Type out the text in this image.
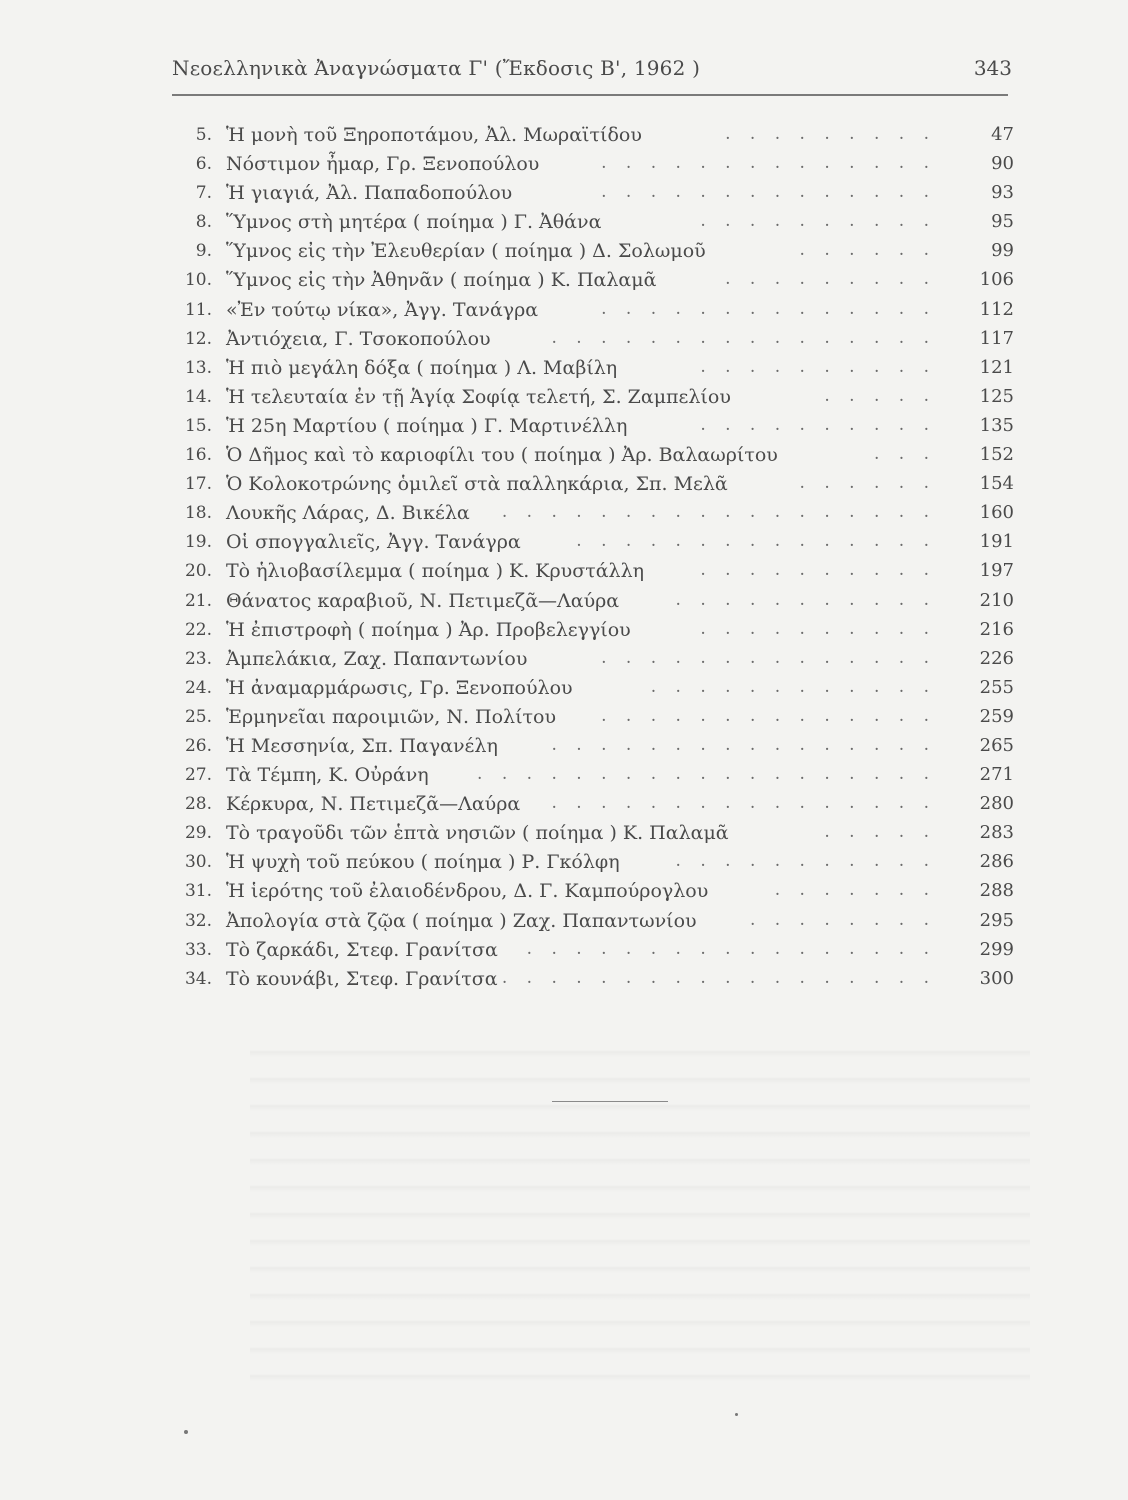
Νεοελληνικὰ Ἀναγνώσματα Γ' (Ἔκδοσις Β', 1962 )	343
5. Ἡ μονὴ τοῦ Ξηροποτάμου, Ἀλ. Μωραϊτίδου	. . . . . . . . .	47
6. Νόστιμον ἦμαρ, Γρ. Ξενοπούλου	. . . . . . . . . . . . . .	90
7. Ἡ γιαγιά, Ἀλ. Παπαδοπούλου	. . . . . . . . . . . . . .	93
8. Ὕμνος στὴ μητέρα ( ποίημα ) Γ. Ἀθάνα	. . . . . . . . . .	95
9. Ὕμνος εἰς τὴν Ἐλευθερίαν ( ποίημα ) Δ. Σολωμοῦ	. . . . . .	99
10. Ὕμνος εἰς τὴν Ἀθηνᾶν ( ποίημα ) Κ. Παλαμᾶ	. . . . . . . . .	106
11. «Ἐν τούτῳ νίκα», Ἀγγ. Τανάγρα	. . . . . . . . . . . . . .	112
12. Ἀντιόχεια, Γ. Τσοκοπούλου	. . . . . . . . . . . . . . . .	117
13. Ἡ πιὸ μεγάλη δόξα ( ποίημα ) Λ. Μαβίλη	. . . . . . . . . .	121
14. Ἡ τελευταία ἐν τῇ Ἁγίᾳ Σοφίᾳ τελετή, Σ. Ζαμπελίου	. . . . .	125
15. Ἡ 25η Μαρτίου ( ποίημα ) Γ. Μαρτινέλλη	. . . . . . . . . .	135
16. Ὁ Δῆμος καὶ τὸ καριοφίλι του ( ποίημα ) Ἀρ. Βαλαωρίτου	. . .	152
17. Ὁ Κολοκοτρώνης ὁμιλεῖ στὰ παλληκάρια, Σπ. Μελᾶ	. . . . . .	154
18. Λουκῆς Λάρας, Δ. Βικέλα . . . . . . . . . . . . . . . . . .	160
19. Οἱ σπογγαλιεῖς, Ἀγγ. Τανάγρα	. . . . . . . . . . . . . . .	191
20. Τὸ ἡλιοβασίλεμμα ( ποίημα ) Κ. Κρυστάλλη	. . . . . . . . . .	197
21. Θάνατος καραβιοῦ, Ν. Πετιμεζᾶ—Λαύρα	. . . . . . . . . . .	210
22. Ἡ ἐπιστροφὴ ( ποίημα ) Ἀρ. Προβελεγγίου	. . . . . . . . . .	216
23. Ἀμπελάκια, Ζαχ. Παπαντωνίου	. . . . . . . . . . . . . .	226
24. Ἡ ἀναμαρμάρωσις, Γρ. Ξενοπούλου	. . . . . . . . . . . .	255
25. Ἑρμηνεῖαι παροιμιῶν, Ν. Πολίτου	. . . . . . . . . . . . . .	259
26. Ἡ Μεσσηνία, Σπ. Παγανέλη	. . . . . . . . . . . . . . . .	265
27. Τὰ Τέμπη, Κ. Οὐράνη	. . . . . . . . . . . . . . . . . . .	271
28. Κέρκυρα, Ν. Πετιμεζᾶ—Λαύρα . . . . . . . . . . . . . . . .	280
29. Τὸ τραγοῦδι τῶν ἑπτὰ νησιῶν ( ποίημα ) Κ. Παλαμᾶ	. . . . .	283
30. Ἡ ψυχὴ τοῦ πεύκου ( ποίημα ) Ρ. Γκόλφη	. . . . . . . . . . .	286
31. Ἡ ἱερότης τοῦ ἐλαιοδένδρου, Δ. Γ. Καμπούρογλου	. . . . . . .	288
32. Ἀπολογία στὰ ζῷα ( ποίημα ) Ζαχ. Παπαντωνίου	. . . . . . . .	295
33. Τὸ ζαρκάδι, Στεφ. Γρανίτσα . . . . . . . . . . . . . . . . .	299
34. Τὸ κουνάβι, Στεφ. Γρανίτσα . . . . . . . . . . . . . . . . . .	300
